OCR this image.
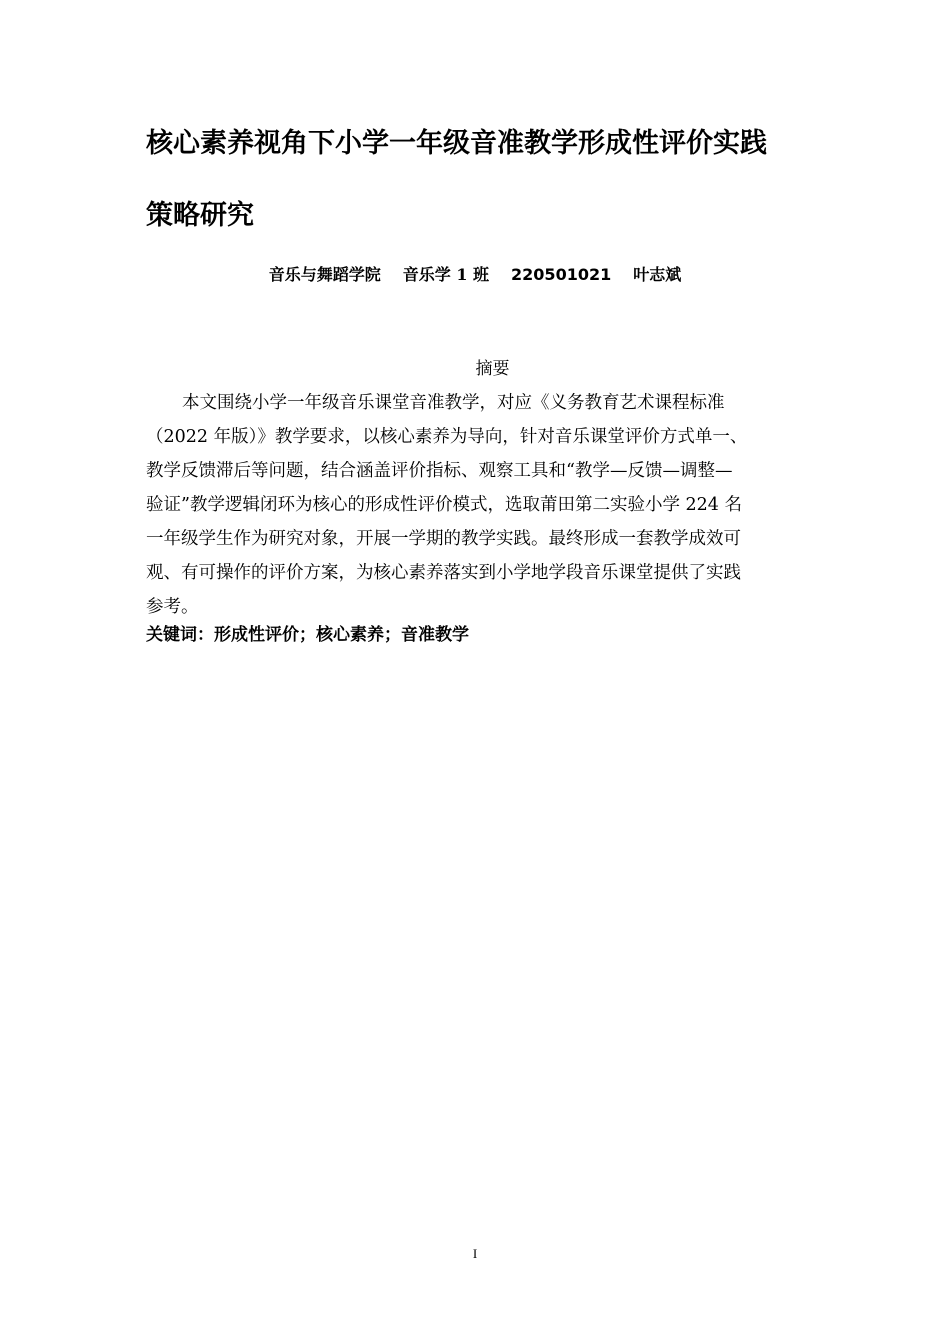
核心素养视角下小学一年级音准教学形成性评价实践
策略研究
音乐与舞蹈学院 音乐学 1 班 220501021 叶志斌
摘要
本文围绕小学一年级音乐课堂音准教学，对应《义务教育艺术课程标准
（2022 年版）》教学要求，以核心素养为导向，针对音乐课堂评价方式单一、
教学反馈滞后等问题，结合涵盖评价指标、观察工具和“教学—反馈—调整—
验证”教学逻辑闭环为核心的形成性评价模式，选取莆田第二实验小学 224 名
一年级学生作为研究对象，开展一学期的教学实践。最终形成一套教学成效可
观、有可操作的评价方案，为核心素养落实到小学地学段音乐课堂提供了实践
参考。
关键词：形成性评价；核心素养；音准教学
I
